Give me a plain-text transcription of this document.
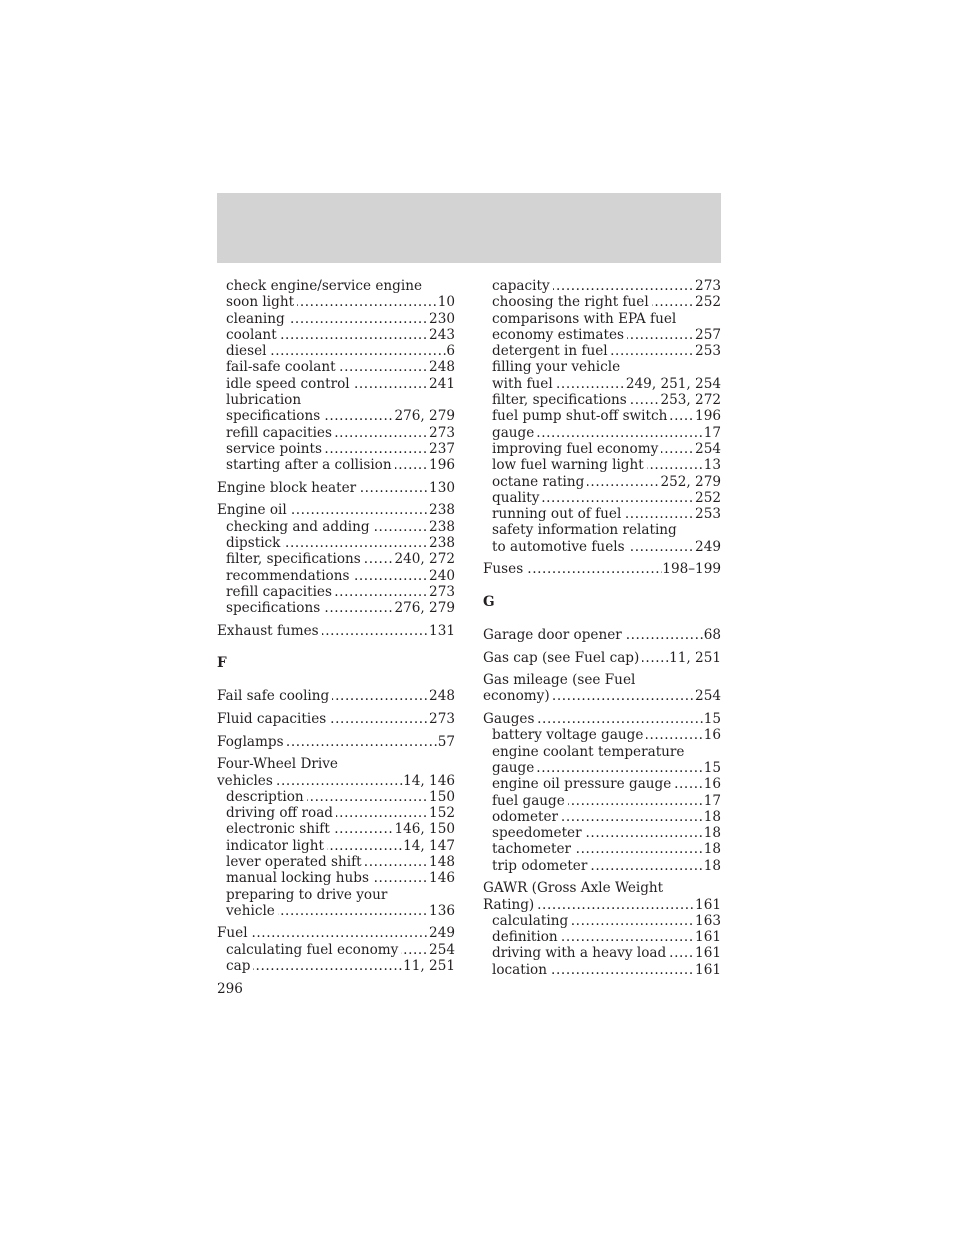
check engine/service engine
soon light	10
.....
cleaning	230
.....
coolant	243
.....
diesel	6
.....
fail-safe coolant	248
.....
idle speed control	241
.....
lubrication
specifications	276, 279
.....
refill capacities	273
.....
service points	237
.....
starting after a collision	196
.....
Engine block heater	130
.....
Engine oil	238
.....
checking and adding	238
.....
dipstick	238
.....
filter, specifications 240, 272
.....
recommendations	240
.....
refill capacities	273
.....
specifications	276, 279
.....
Exhaust fumes	131
.....
F
Fail safe cooling	248
.....
Fluid capacities	273
.....
Foglamps	57
.....
Four-Wheel Drive
vehicles	14, 146
.....
description	150
.....
driving off road	152
.....
electronic shift	146, 150
.....
indicator light	14, 147
.....
lever operated shift	148
.....
manual locking hubs	146
.....
preparing to drive your
vehicle	136
.....
Fuel	249
.....
calculating fuel economy 254
.....
cap	11, 251
.....
capacity	273
.....
choosing the right fuel	252
.....
comparisons with EPA fuel
economy estimates	257
.....
detergent in fuel	253
.....
filling your vehicle
with fuel	249, 251, 254
.....
filter, specifications 253, 272
.....
fuel pump shut-off switch 196
.....
gauge	17
.....
improving fuel economy	254
.....
low fuel warning light	13
.....
octane rating	252, 279
.....
quality	252
.....
running out of fuel	253
.....
safety information relating
to automotive fuels	249
.....
Fuses	198–199
.....
G
Garage door opener	68
.....
Gas cap (see Fuel cap) 11, 251
.....
Gas mileage (see Fuel
economy)	254
.....
Gauges	15
.....
battery voltage gauge	16
.....
engine coolant temperature
gauge	15
.....
engine oil pressure gauge 16
.....
fuel gauge	17
.....
odometer	18
.....
speedometer	18
.....
tachometer	18
.....
trip odometer	18
.....
GAWR (Gross Axle Weight
Rating)	161
.....
calculating	163
.....
definition	161
.....
driving with a heavy load 161
.....
location	161
.....
296
